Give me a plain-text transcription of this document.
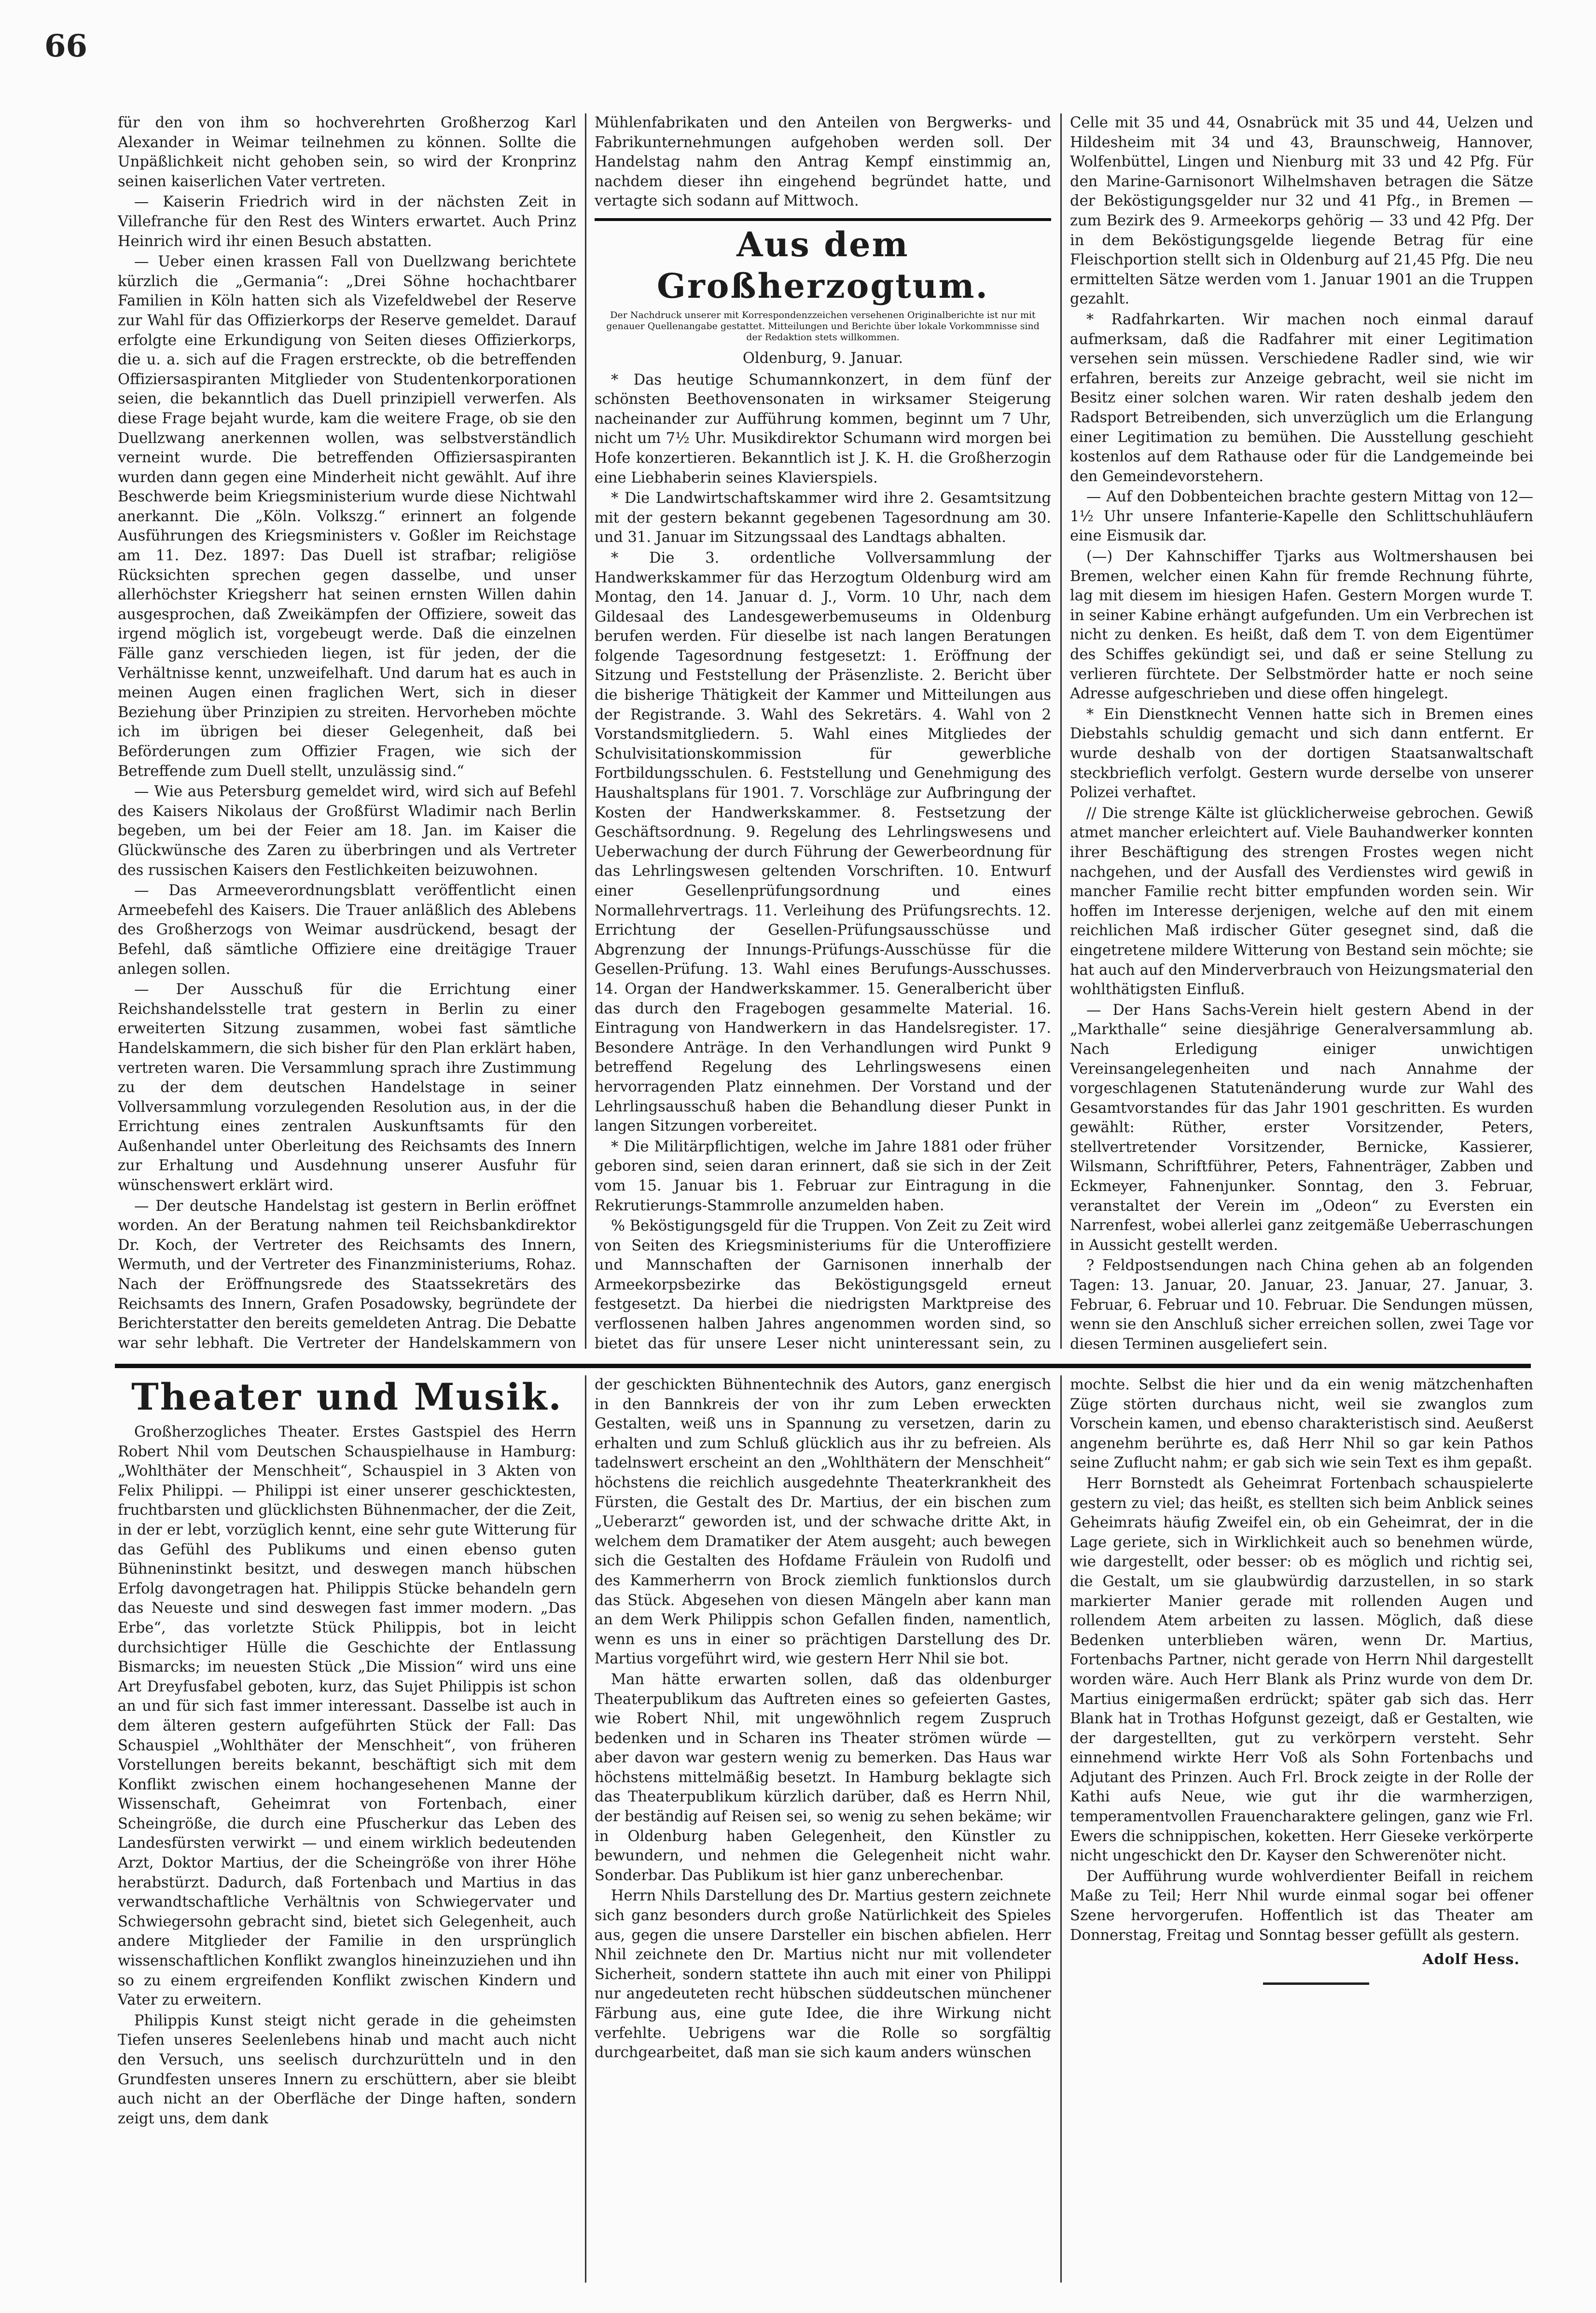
66

für den von ihm so hochverehrten Großherzog Karl Alexander in Weimar teilnehmen zu können. Sollte die Unpäßlichkeit nicht gehoben sein, so wird der Kronprinz seinen kaiserlichen Vater vertreten.

— Kaiserin Friedrich wird in der nächsten Zeit in Villefranche für den Rest des Winters erwartet. Auch Prinz Heinrich wird ihr einen Besuch abstatten.

— Ueber einen krassen Fall von Duellzwang berichtete kürzlich die „Germania“: „Drei Söhne hochachtbarer Familien in Köln hatten sich als Vizefeldwebel der Reserve zur Wahl für das Offizierkorps der Reserve gemeldet. Darauf erfolgte eine Erkundigung von Seiten dieses Offizierkorps, die u. a. sich auf die Fragen erstreckte, ob die betreffenden Offiziersaspiranten Mitglieder von Studentenkorporationen seien, die bekanntlich das Duell prinzipiell verwerfen. Als diese Frage bejaht wurde, kam die weitere Frage, ob sie den Duellzwang anerkennen wollen, was selbstverständlich verneint wurde. Die betreffenden Offiziersaspiranten wurden dann gegen eine Minderheit nicht gewählt. Auf ihre Beschwerde beim Kriegsministerium wurde diese Nichtwahl anerkannt. Die „Köln. Volkszg.“ erinnert an folgende Ausführungen des Kriegsministers v. Goßler im Reichstage am 11. Dez. 1897: Das Duell ist strafbar; religiöse Rücksichten sprechen gegen dasselbe, und unser allerhöchster Kriegsherr hat seinen ernsten Willen dahin ausgesprochen, daß Zweikämpfen der Offiziere, soweit das irgend möglich ist, vorgebeugt werde. Daß die einzelnen Fälle ganz verschieden liegen, ist für jeden, der die Verhältnisse kennt, unzweifelhaft. Und darum hat es auch in meinen Augen einen fraglichen Wert, sich in dieser Beziehung über Prinzipien zu streiten. Hervorheben möchte ich im übrigen bei dieser Gelegenheit, daß bei Beförderungen zum Offizier Fragen, wie sich der Betreffende zum Duell stellt, unzulässig sind.“

— Wie aus Petersburg gemeldet wird, wird sich auf Befehl des Kaisers Nikolaus der Großfürst Wladimir nach Berlin begeben, um bei der Feier am 18. Jan. im Kaiser die Glückwünsche des Zaren zu überbringen und als Vertreter des russischen Kaisers den Festlichkeiten beizuwohnen.

— Das Armeeverordnungsblatt veröffentlicht einen Armeebefehl des Kaisers. Die Trauer anläßlich des Ablebens des Großherzogs von Weimar ausdrückend, besagt der Befehl, daß sämtliche Offiziere eine dreitägige Trauer anlegen sollen.

— Der Ausschuß für die Errichtung einer Reichshandelsstelle trat gestern in Berlin zu einer erweiterten Sitzung zusammen, wobei fast sämtliche Handelskammern, die sich bisher für den Plan erklärt haben, vertreten waren. Die Versammlung sprach ihre Zustimmung zu der dem deutschen Handelstage in seiner Vollversammlung vorzulegenden Resolution aus, in der die Errichtung eines zentralen Auskunftsamts für den Außenhandel unter Oberleitung des Reichsamts des Innern zur Erhaltung und Ausdehnung unserer Ausfuhr für wünschenswert erklärt wird.

— Der deutsche Handelstag ist gestern in Berlin eröffnet worden. An der Beratung nahmen teil Reichsbankdirektor Dr. Koch, der Vertreter des Reichsamts des Innern, Wermuth, und der Vertreter des Finanzministeriums, Rohaz. Nach der Eröffnungsrede des Staatssekretärs des Reichsamts des Innern, Grafen Posadowsky, begründete der Berichterstatter den bereits gemeldeten Antrag. Die Debatte war sehr lebhaft. Die Vertreter der Handelskammern von

Mühlenfabrikaten und den Anteilen von Bergwerks- und Fabrikunternehmungen aufgehoben werden soll. Der Handelstag nahm den Antrag Kempf einstimmig an, nachdem dieser ihn eingehend begründet hatte, und vertagte sich sodann auf Mittwoch.

Aus dem Großherzogtum.
Der Nachdruck unserer mit Korrespondenzzeichen versehenen Originalberichte ist nur mit genauer Quellenangabe gestattet. Mitteilungen und Berichte über lokale Vorkommnisse sind der Redaktion stets willkommen.

Oldenburg, 9. Januar.

* Das heutige Schumannkonzert, in dem fünf der schönsten Beethovensonaten in wirksamer Steigerung nacheinander zur Aufführung kommen, beginnt um 7 Uhr, nicht um 7½ Uhr. Musikdirektor Schumann wird morgen bei Hofe konzertieren. Bekanntlich ist J. K. H. die Großherzogin eine Liebhaberin seines Klavierspiels.

* Die Landwirtschaftskammer wird ihre 2. Gesamtsitzung mit der gestern bekannt gegebenen Tagesordnung am 30. und 31. Januar im Sitzungssaal des Landtags abhalten.

* Die 3. ordentliche Vollversammlung der Handwerkskammer für das Herzogtum Oldenburg wird am Montag, den 14. Januar d. J., Vorm. 10 Uhr, nach dem Gildesaal des Landesgewerbemuseums in Oldenburg berufen werden. Für dieselbe ist nach langen Beratungen folgende Tagesordnung festgesetzt: 1. Eröffnung der Sitzung und Feststellung der Präsenzliste. 2. Bericht über die bisherige Thätigkeit der Kammer und Mitteilungen aus der Registrande. 3. Wahl des Sekretärs. 4. Wahl von 2 Vorstandsmitgliedern. 5. Wahl eines Mitgliedes der Schulvisitationskommission für gewerbliche Fortbildungsschulen. 6. Feststellung und Genehmigung des Haushaltsplans für 1901. 7. Vorschläge zur Aufbringung der Kosten der Handwerkskammer. 8. Festsetzung der Geschäftsordnung. 9. Regelung des Lehrlingswesens und Ueberwachung der durch Führung der Gewerbeordnung für das Lehrlingswesen geltenden Vorschriften. 10. Entwurf einer Gesellenprüfungsordnung und eines Normallehrvertrags. 11. Verleihung des Prüfungsrechts. 12. Errichtung der Gesellen-Prüfungsausschüsse und Abgrenzung der Innungs-Prüfungs-Ausschüsse für die Gesellen-Prüfung. 13. Wahl eines Berufungs-Ausschusses. 14. Organ der Handwerkskammer. 15. Generalbericht über das durch den Fragebogen gesammelte Material. 16. Eintragung von Handwerkern in das Handelsregister. 17. Besondere Anträge. In den Verhandlungen wird Punkt 9 betreffend Regelung des Lehrlingswesens einen hervorragenden Platz einnehmen. Der Vorstand und der Lehrlingsausschuß haben die Behandlung dieser Punkt in langen Sitzungen vorbereitet.

* Die Militärpflichtigen, welche im Jahre 1881 oder früher geboren sind, seien daran erinnert, daß sie sich in der Zeit vom 15. Januar bis 1. Februar zur Eintragung in die Rekrutierungs-Stammrolle anzumelden haben.

% Beköstigungsgeld für die Truppen. Von Zeit zu Zeit wird von Seiten des Kriegsministeriums für die Unteroffiziere und Mannschaften der Garnisonen innerhalb der Armeekorpsbezirke das Beköstigungsgeld erneut festgesetzt. Da hierbei die niedrigsten Marktpreise des verflossenen halben Jahres angenommen worden sind, so bietet das für unsere Leser nicht uninteressant sein, zu

Celle mit 35 und 44, Osnabrück mit 35 und 44, Uelzen und Hildesheim mit 34 und 43, Braunschweig, Hannover, Wolfenbüttel, Lingen und Nienburg mit 33 und 42 Pfg. Für den Marine-Garnisonort Wilhelmshaven betragen die Sätze der Beköstigungsgelder nur 32 und 41 Pfg., in Bremen — zum Bezirk des 9. Armeekorps gehörig — 33 und 42 Pfg. Der in dem Beköstigungsgelde liegende Betrag für eine Fleischportion stellt sich in Oldenburg auf 21,45 Pfg. Die neu ermittelten Sätze werden vom 1. Januar 1901 an die Truppen gezahlt.

* Radfahrkarten. Wir machen noch einmal darauf aufmerksam, daß die Radfahrer mit einer Legitimation versehen sein müssen. Verschiedene Radler sind, wie wir erfahren, bereits zur Anzeige gebracht, weil sie nicht im Besitz einer solchen waren. Wir raten deshalb jedem den Radsport Betreibenden, sich unverzüglich um die Erlangung einer Legitimation zu bemühen. Die Ausstellung geschieht kostenlos auf dem Rathause oder für die Landgemeinde bei den Gemeindevorstehern.

— Auf den Dobbenteichen brachte gestern Mittag von 12—1½ Uhr unsere Infanterie-Kapelle den Schlittschuhläufern eine Eismusik dar.

(—) Der Kahnschiffer Tjarks aus Woltmershausen bei Bremen, welcher einen Kahn für fremde Rechnung führte, lag mit diesem im hiesigen Hafen. Gestern Morgen wurde T. in seiner Kabine erhängt aufgefunden. Um ein Verbrechen ist nicht zu denken. Es heißt, daß dem T. von dem Eigentümer des Schiffes gekündigt sei, und daß er seine Stellung zu verlieren fürchtete. Der Selbstmörder hatte er noch seine Adresse aufgeschrieben und diese offen hingelegt.

* Ein Dienstknecht Vennen hatte sich in Bremen eines Diebstahls schuldig gemacht und sich dann entfernt. Er wurde deshalb von der dortigen Staatsanwaltschaft steckbrieflich verfolgt. Gestern wurde derselbe von unserer Polizei verhaftet.

// Die strenge Kälte ist glücklicherweise gebrochen. Gewiß atmet mancher erleichtert auf. Viele Bauhandwerker konnten ihrer Beschäftigung des strengen Frostes wegen nicht nachgehen, und der Ausfall des Verdienstes wird gewiß in mancher Familie recht bitter empfunden worden sein. Wir hoffen im Interesse derjenigen, welche auf den mit einem reichlichen Maß irdischer Güter gesegnet sind, daß die eingetretene mildere Witterung von Bestand sein möchte; sie hat auch auf den Minderverbrauch von Heizungsmaterial den wohlthätigsten Einfluß.

— Der Hans Sachs-Verein hielt gestern Abend in der „Markthalle“ seine diesjährige Generalversammlung ab. Nach Erledigung einiger unwichtigen Vereinsangelegenheiten und nach Annahme der vorgeschlagenen Statutenänderung wurde zur Wahl des Gesamtvorstandes für das Jahr 1901 geschritten. Es wurden gewählt: Rüther, erster Vorsitzender, Peters, stellvertretender Vorsitzender, Bernicke, Kassierer, Wilsmann, Schriftführer, Peters, Fahnenträger, Zabben und Eckmeyer, Fahnenjunker. Sonntag, den 3. Februar, veranstaltet der Verein im „Odeon“ zu Eversten ein Narrenfest, wobei allerlei ganz zeitgemäße Ueberraschungen in Aussicht gestellt werden.

? Feldpostsendungen nach China gehen ab an folgenden Tagen: 13. Januar, 20. Januar, 23. Januar, 27. Januar, 3. Februar, 6. Februar und 10. Februar. Die Sendungen müssen, wenn sie den Anschluß sicher erreichen sollen, zwei Tage vor diesen Terminen ausgeliefert sein.

Theater und Musik.

Großherzogliches Theater. Erstes Gastspiel des Herrn Robert Nhil vom Deutschen Schauspielhause in Hamburg: „Wohlthäter der Menschheit“, Schauspiel in 3 Akten von Felix Philippi. — Philippi ist einer unserer geschicktesten, fruchtbarsten und glücklichsten Bühnenmacher, der die Zeit, in der er lebt, vorzüglich kennt, eine sehr gute Witterung für das Gefühl des Publikums und einen ebenso guten Bühneninstinkt besitzt, und deswegen manch hübschen Erfolg davongetragen hat. Philippis Stücke behandeln gern das Neueste und sind deswegen fast immer modern. „Das Erbe“, das vorletzte Stück Philippis, bot in leicht durchsichtiger Hülle die Geschichte der Entlassung Bismarcks; im neuesten Stück „Die Mission“ wird uns eine Art Dreyfusfabel geboten, kurz, das Sujet Philippis ist schon an und für sich fast immer interessant. Dasselbe ist auch in dem älteren gestern aufgeführten Stück der Fall: Das Schauspiel „Wohlthäter der Menschheit“, von früheren Vorstellungen bereits bekannt, beschäftigt sich mit dem Konflikt zwischen einem hochangesehenen Manne der Wissenschaft, Geheimrat von Fortenbach, einer Scheingröße, die durch eine Pfuscherkur das Leben des Landesfürsten verwirkt — und einem wirklich bedeutenden Arzt, Doktor Martius, der die Scheingröße von ihrer Höhe herabstürzt. Dadurch, daß Fortenbach und Martius in das verwandtschaftliche Verhältnis von Schwiegervater und Schwiegersohn gebracht sind, bietet sich Gelegenheit, auch andere Mitglieder der Familie in den ursprünglich wissenschaftlichen Konflikt zwanglos hineinzuziehen und ihn so zu einem ergreifenden Konflikt zwischen Kindern und Vater zu erweitern.

Philippis Kunst steigt nicht gerade in die geheimsten Tiefen unseres Seelenlebens hinab und macht auch nicht den Versuch, uns seelisch durchzurütteln und in den Grundfesten unseres Innern zu erschüttern, aber sie bleibt auch nicht an der Oberfläche der Dinge haften, sondern zeigt uns, dem dank

der geschickten Bühnentechnik des Autors, ganz energisch in den Bannkreis der von ihr zum Leben erweckten Gestalten, weiß uns in Spannung zu versetzen, darin zu erhalten und zum Schluß glücklich aus ihr zu befreien. Als tadelnswert erscheint an den „Wohlthätern der Menschheit“ höchstens die reichlich ausgedehnte Theaterkrankheit des Fürsten, die Gestalt des Dr. Martius, der ein bischen zum „Ueberarzt“ geworden ist, und der schwache dritte Akt, in welchem dem Dramatiker der Atem ausgeht; auch bewegen sich die Gestalten des Hofdame Fräulein von Rudolfi und des Kammerherrn von Brock ziemlich funktionslos durch das Stück. Abgesehen von diesen Mängeln aber kann man an dem Werk Philippis schon Gefallen finden, namentlich, wenn es uns in einer so prächtigen Darstellung des Dr. Martius vorgeführt wird, wie gestern Herr Nhil sie bot.

Man hätte erwarten sollen, daß das oldenburger Theaterpublikum das Auftreten eines so gefeierten Gastes, wie Robert Nhil, mit ungewöhnlich regem Zuspruch bedenken und in Scharen ins Theater strömen würde — aber davon war gestern wenig zu bemerken. Das Haus war höchstens mittelmäßig besetzt. In Hamburg beklagte sich das Theaterpublikum kürzlich darüber, daß es Herrn Nhil, der beständig auf Reisen sei, so wenig zu sehen bekäme; wir in Oldenburg haben Gelegenheit, den Künstler zu bewundern, und nehmen die Gelegenheit nicht wahr. Sonderbar. Das Publikum ist hier ganz unberechenbar.

Herrn Nhils Darstellung des Dr. Martius gestern zeichnete sich ganz besonders durch große Natürlichkeit des Spieles aus, gegen die unsere Darsteller ein bischen abfielen. Herr Nhil zeichnete den Dr. Martius nicht nur mit vollendeter Sicherheit, sondern stattete ihn auch mit einer von Philippi nur angedeuteten recht hübschen süddeutschen münchener Färbung aus, eine gute Idee, die ihre Wirkung nicht verfehlte. Uebrigens war die Rolle so sorgfältig durchgearbeitet, daß man sie sich kaum anders wünschen

mochte. Selbst die hier und da ein wenig mätzchenhaften Züge störten durchaus nicht, weil sie zwanglos zum Vorschein kamen, und ebenso charakteristisch sind. Aeußerst angenehm berührte es, daß Herr Nhil so gar kein Pathos seine Zuflucht nahm; er gab sich wie sein Text es ihm gepaßt.

Herr Bornstedt als Geheimrat Fortenbach schauspielerte gestern zu viel; das heißt, es stellten sich beim Anblick seines Geheimrats häufig Zweifel ein, ob ein Geheimrat, der in die Lage geriete, sich in Wirklichkeit auch so benehmen würde, wie dargestellt, oder besser: ob es möglich und richtig sei, die Gestalt, um sie glaubwürdig darzustellen, in so stark markierter Manier gerade mit rollenden Augen und rollendem Atem arbeiten zu lassen. Möglich, daß diese Bedenken unterblieben wären, wenn Dr. Martius, Fortenbachs Partner, nicht gerade von Herrn Nhil dargestellt worden wäre. Auch Herr Blank als Prinz wurde von dem Dr. Martius einigermaßen erdrückt; später gab sich das. Herr Blank hat in Trothas Hofgunst gezeigt, daß er Gestalten, wie der dargestellten, gut zu verkörpern versteht. Sehr einnehmend wirkte Herr Voß als Sohn Fortenbachs und Adjutant des Prinzen. Auch Frl. Brock zeigte in der Rolle der Kathi aufs Neue, wie gut ihr die warmherzigen, temperamentvollen Frauencharaktere gelingen, ganz wie Frl. Ewers die schnippischen, koketten. Herr Gieseke verkörperte nicht ungeschickt den Dr. Kayser den Schwerenöter nicht.

Der Aufführung wurde wohlverdienter Beifall in reichem Maße zu Teil; Herr Nhil wurde einmal sogar bei offener Szene hervorgerufen. Hoffentlich ist das Theater am Donnerstag, Freitag und Sonntag besser gefüllt als gestern.

Adolf Hess.
